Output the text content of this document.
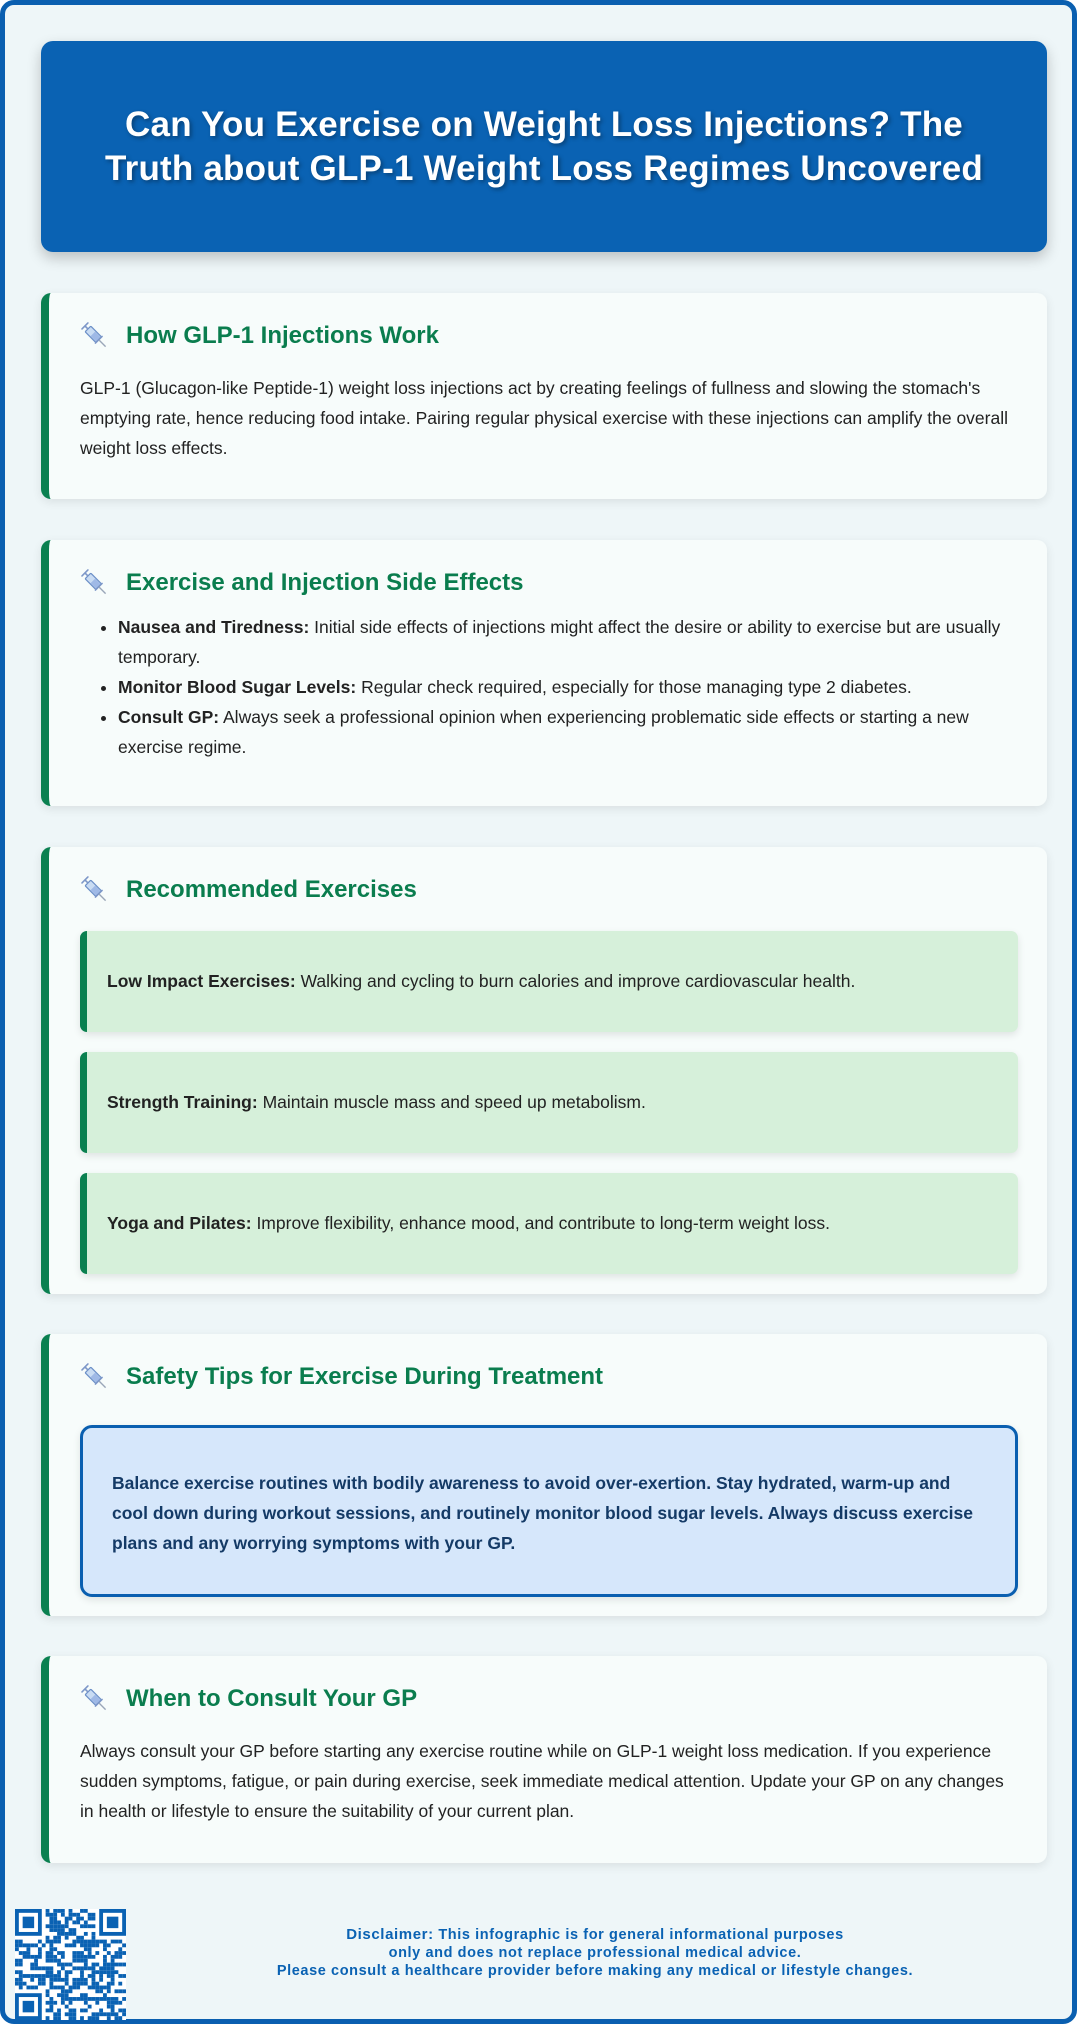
Can You Exercise on Weight Loss Injections? The Truth about GLP-1 Weight Loss Regimes Uncovered
How GLP-1 Injections Work

GLP-1 (Glucagon-like Peptide-1) weight loss injections act by creating feelings of fullness and slowing the stomach's emptying rate, hence reducing food intake. Pairing regular physical exercise with these injections can amplify the overall weight loss effects.

Exercise and Injection Side Effects
• Nausea and Tiredness: Initial side effects of injections might affect the desire or ability to exercise but are usually temporary.
• Monitor Blood Sugar Levels: Regular check required, especially for those managing type 2 diabetes.
• Consult GP: Always seek a professional opinion when experiencing problematic side effects or starting a new exercise regime.
Recommended Exercises
Low Impact Exercises: Walking and cycling to burn calories and improve cardiovascular health.
Strength Training: Maintain muscle mass and speed up metabolism.
Yoga and Pilates: Improve flexibility, enhance mood, and contribute to long-term weight loss.
Safety Tips for Exercise During Treatment
Balance exercise routines with bodily awareness to avoid over-exertion. Stay hydrated, warm-up and cool down during workout sessions, and routinely monitor blood sugar levels. Always discuss exercise plans and any worrying symptoms with your GP.
When to Consult Your GP

Always consult your GP before starting any exercise routine while on GLP-1 weight loss medication. If you experience sudden symptoms, fatigue, or pain during exercise, seek immediate medical attention. Update your GP on any changes in health or lifestyle to ensure the suitability of your current plan.

Disclaimer: This infographic is for general informational purposes
only and does not replace professional medical advice.
Please consult a healthcare provider before making any medical or lifestyle changes.
